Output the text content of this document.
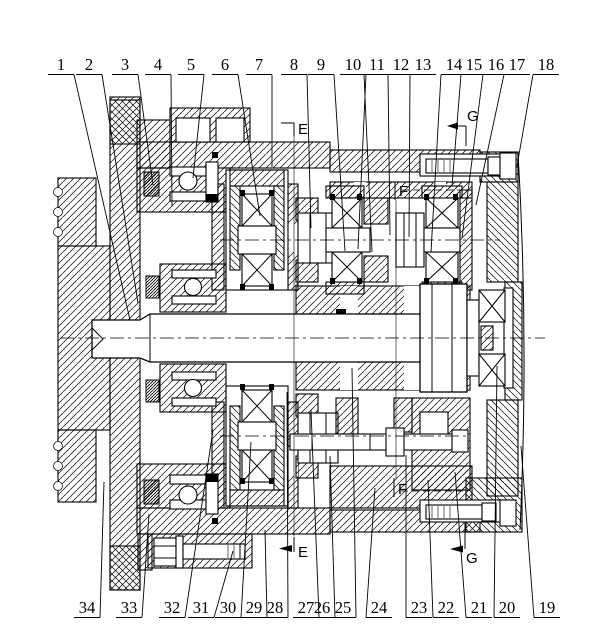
E
E
F
F
G
G
1 2 3 4 5 6 7 8 9 10 11 12 13 14 15 16 17 18
34 33 32 31 30 29 28 27 26 25 24 23 22 21 20 19
